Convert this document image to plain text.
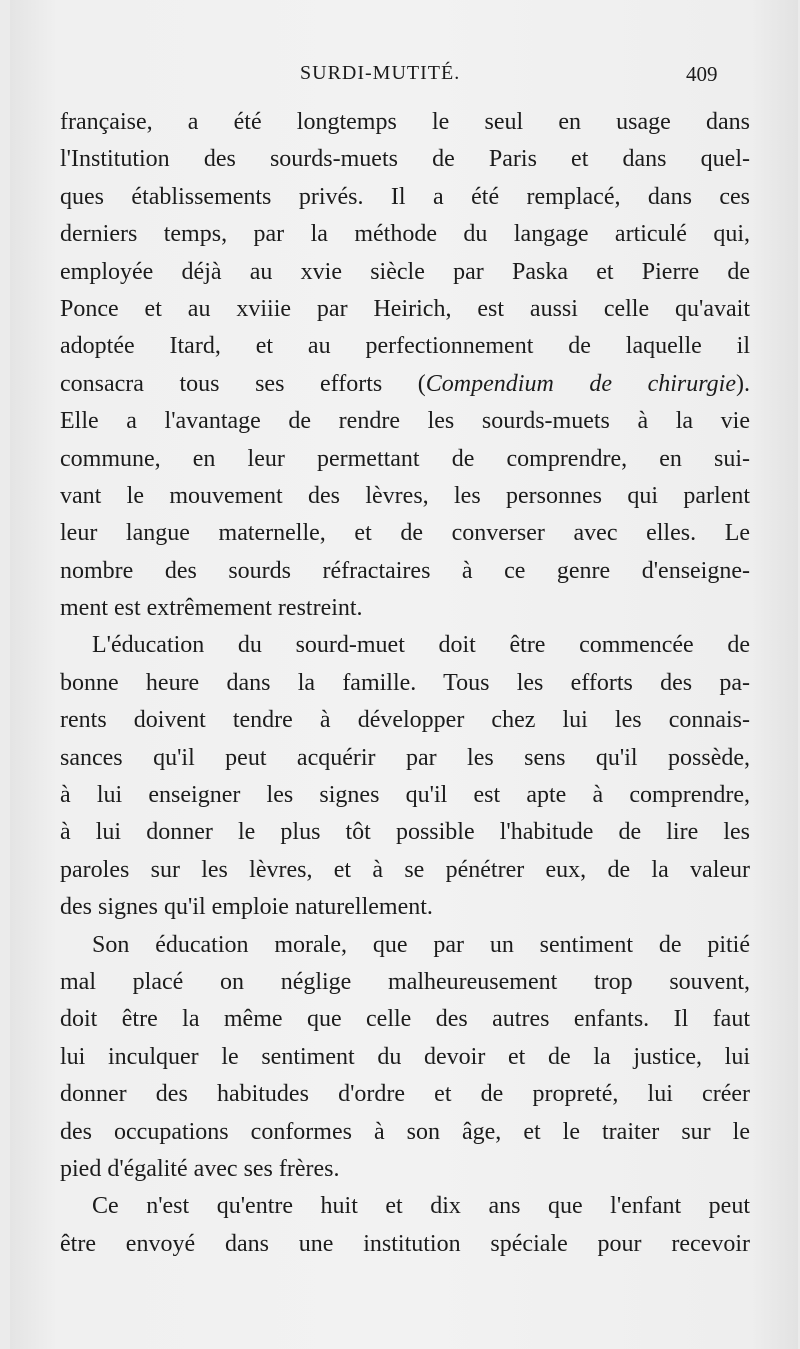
SURDI-MUTITÉ.	409
française, a été longtemps le seul en usage dans
l'Institution des sourds-muets de Paris et dans quel-
ques établissements privés. Il a été remplacé, dans ces
derniers temps, par la méthode du langage articulé qui,
employée déjà au xvie siècle par Paska et Pierre de
Ponce et au xviiie par Heirich, est aussi celle qu'avait
adoptée Itard, et au perfectionnement de laquelle il
consacra tous ses efforts (Compendium de chirurgie).
Elle a l'avantage de rendre les sourds-muets à la vie
commune, en leur permettant de comprendre, en sui-
vant le mouvement des lèvres, les personnes qui parlent
leur langue maternelle, et de converser avec elles. Le
nombre des sourds réfractaires à ce genre d'enseigne-
ment est extrêmement restreint.
L'éducation du sourd-muet doit être commencée de
bonne heure dans la famille. Tous les efforts des pa-
rents doivent tendre à développer chez lui les connais-
sances qu'il peut acquérir par les sens qu'il possède,
à lui enseigner les signes qu'il est apte à comprendre,
à lui donner le plus tôt possible l'habitude de lire les
paroles sur les lèvres, et à se pénétrer eux, de la valeur
des signes qu'il emploie naturellement.
Son éducation morale, que par un sentiment de pitié
mal placé on néglige malheureusement trop souvent,
doit être la même que celle des autres enfants. Il faut
lui inculquer le sentiment du devoir et de la justice, lui
donner des habitudes d'ordre et de propreté, lui créer
des occupations conformes à son âge, et le traiter sur le
pied d'égalité avec ses frères.
Ce n'est qu'entre huit et dix ans que l'enfant peut
être envoyé dans une institution spéciale pour recevoir
